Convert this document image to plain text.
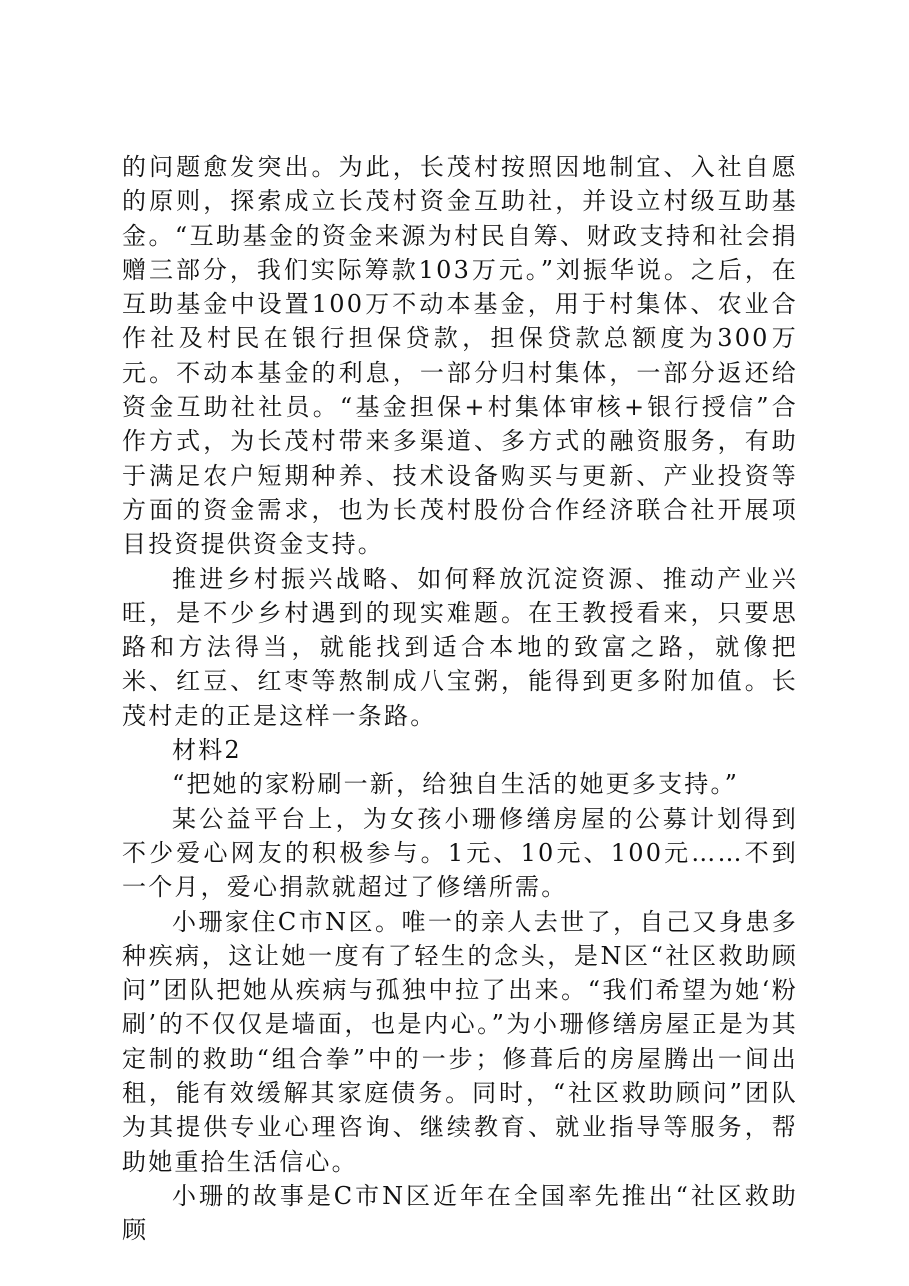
的问题愈发突出。为此，长茂村按照因地制宜、入社自愿的原则，探索成立长茂村资金互助社，并设立村级互助基金。“互助基金的资金来源为村民自筹、财政支持和社会捐赠三部分，我们实际筹款103万元。”刘振华说。之后，在互助基金中设置100万不动本基金，用于村集体、农业合作社及村民在银行担保贷款，担保贷款总额度为300万元。不动本基金的利息，一部分归村集体，一部分返还给资金互助社社员。“基金担保+村集体审核+银行授信”合作方式，为长茂村带来多渠道、多方式的融资服务，有助于满足农户短期种养、技术设备购买与更新、产业投资等方面的资金需求，也为长茂村股份合作经济联合社开展项目投资提供资金支持。

推进乡村振兴战略、如何释放沉淀资源、推动产业兴旺，是不少乡村遇到的现实难题。在王教授看来，只要思路和方法得当，就能找到适合本地的致富之路，就像把米、红豆、红枣等熬制成八宝粥，能得到更多附加值。长茂村走的正是这样一条路。

材料2

“把她的家粉刷一新，给独自生活的她更多支持。”

某公益平台上，为女孩小珊修缮房屋的公募计划得到不少爱心网友的积极参与。1元、10元、100元……不到一个月，爱心捐款就超过了修缮所需。

小珊家住C市N区。唯一的亲人去世了，自己又身患多种疾病，这让她一度有了轻生的念头，是N区“社区救助顾问”团队把她从疾病与孤独中拉了出来。“我们希望为她‘粉刷’的不仅仅是墙面，也是内心。”为小珊修缮房屋正是为其定制的救助“组合拳”中的一步；修葺后的房屋腾出一间出租，能有效缓解其家庭债务。同时，“社区救助顾问”团队为其提供专业心理咨询、继续教育、就业指导等服务，帮助她重拾生活信心。

小珊的故事是C市N区近年在全国率先推出“社区救助顾
